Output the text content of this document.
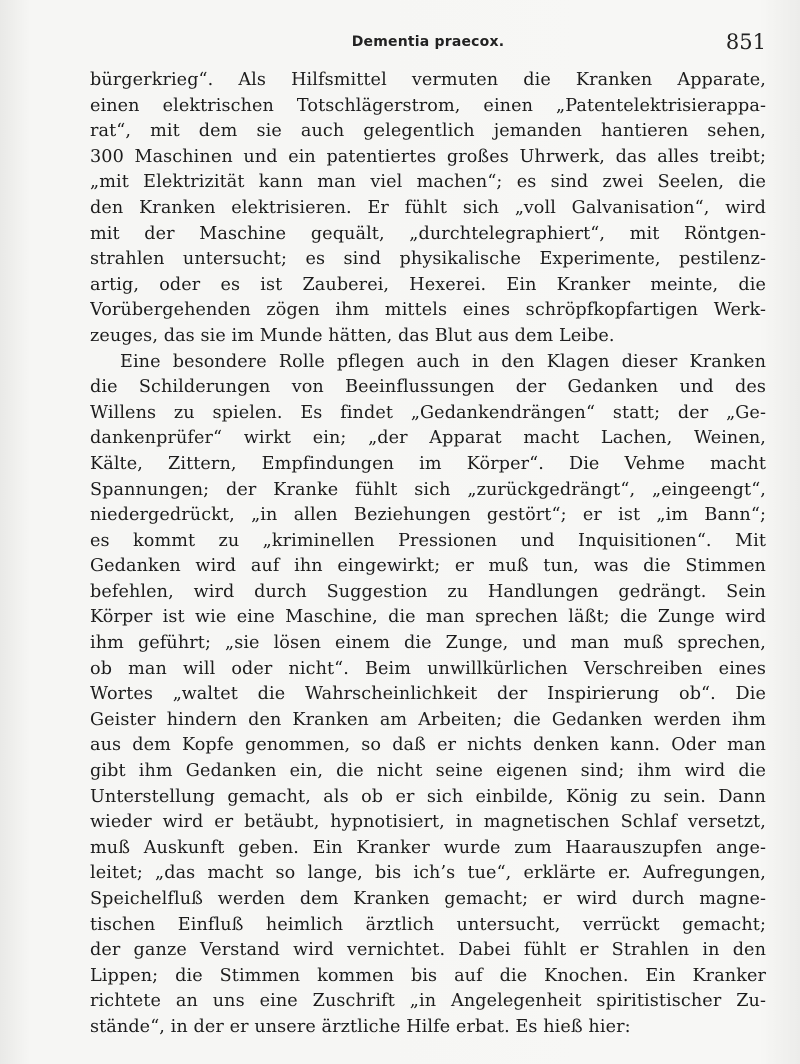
Dementia praecox.	851
bürgerkrieg“. Als Hilfsmittel vermuten die Kranken Apparate,
einen elektrischen Totschlägerstrom, einen „Patentelektrisierappa-
rat“, mit dem sie auch gelegentlich jemanden hantieren sehen,
300 Maschinen und ein patentiertes großes Uhrwerk, das alles treibt;
„mit Elektrizität kann man viel machen“; es sind zwei Seelen, die
den Kranken elektrisieren. Er fühlt sich „voll Galvanisation“, wird
mit der Maschine gequält, „durchtelegraphiert“, mit Röntgen-
strahlen untersucht; es sind physikalische Experimente, pestilenz-
artig, oder es ist Zauberei, Hexerei. Ein Kranker meinte, die
Vorübergehenden zögen ihm mittels eines schröpfkopfartigen Werk-
zeuges, das sie im Munde hätten, das Blut aus dem Leibe.
Eine besondere Rolle pflegen auch in den Klagen dieser Kranken
die Schilderungen von Beeinflussungen der Gedanken und des
Willens zu spielen. Es findet „Gedankendrängen“ statt; der „Ge-
dankenprüfer“ wirkt ein; „der Apparat macht Lachen, Weinen,
Kälte, Zittern, Empfindungen im Körper“. Die Vehme macht
Spannungen; der Kranke fühlt sich „zurückgedrängt“, „eingeengt“,
niedergedrückt, „in allen Beziehungen gestört“; er ist „im Bann“;
es kommt zu „kriminellen Pressionen und Inquisitionen“. Mit
Gedanken wird auf ihn eingewirkt; er muß tun, was die Stimmen
befehlen, wird durch Suggestion zu Handlungen gedrängt. Sein
Körper ist wie eine Maschine, die man sprechen läßt; die Zunge wird
ihm geführt; „sie lösen einem die Zunge, und man muß sprechen,
ob man will oder nicht“. Beim unwillkürlichen Verschreiben eines
Wortes „waltet die Wahrscheinlichkeit der Inspirierung ob“. Die
Geister hindern den Kranken am Arbeiten; die Gedanken werden ihm
aus dem Kopfe genommen, so daß er nichts denken kann. Oder man
gibt ihm Gedanken ein, die nicht seine eigenen sind; ihm wird die
Unterstellung gemacht, als ob er sich einbilde, König zu sein. Dann
wieder wird er betäubt, hypnotisiert, in magnetischen Schlaf versetzt,
muß Auskunft geben. Ein Kranker wurde zum Haarauszupfen ange-
leitet; „das macht so lange, bis ich’s tue“, erklärte er. Aufregungen,
Speichelfluß werden dem Kranken gemacht; er wird durch magne-
tischen Einfluß heimlich ärztlich untersucht, verrückt gemacht;
der ganze Verstand wird vernichtet. Dabei fühlt er Strahlen in den
Lippen; die Stimmen kommen bis auf die Knochen. Ein Kranker
richtete an uns eine Zuschrift „in Angelegenheit spiritistischer Zu-
stände“, in der er unsere ärztliche Hilfe erbat. Es hieß hier:
